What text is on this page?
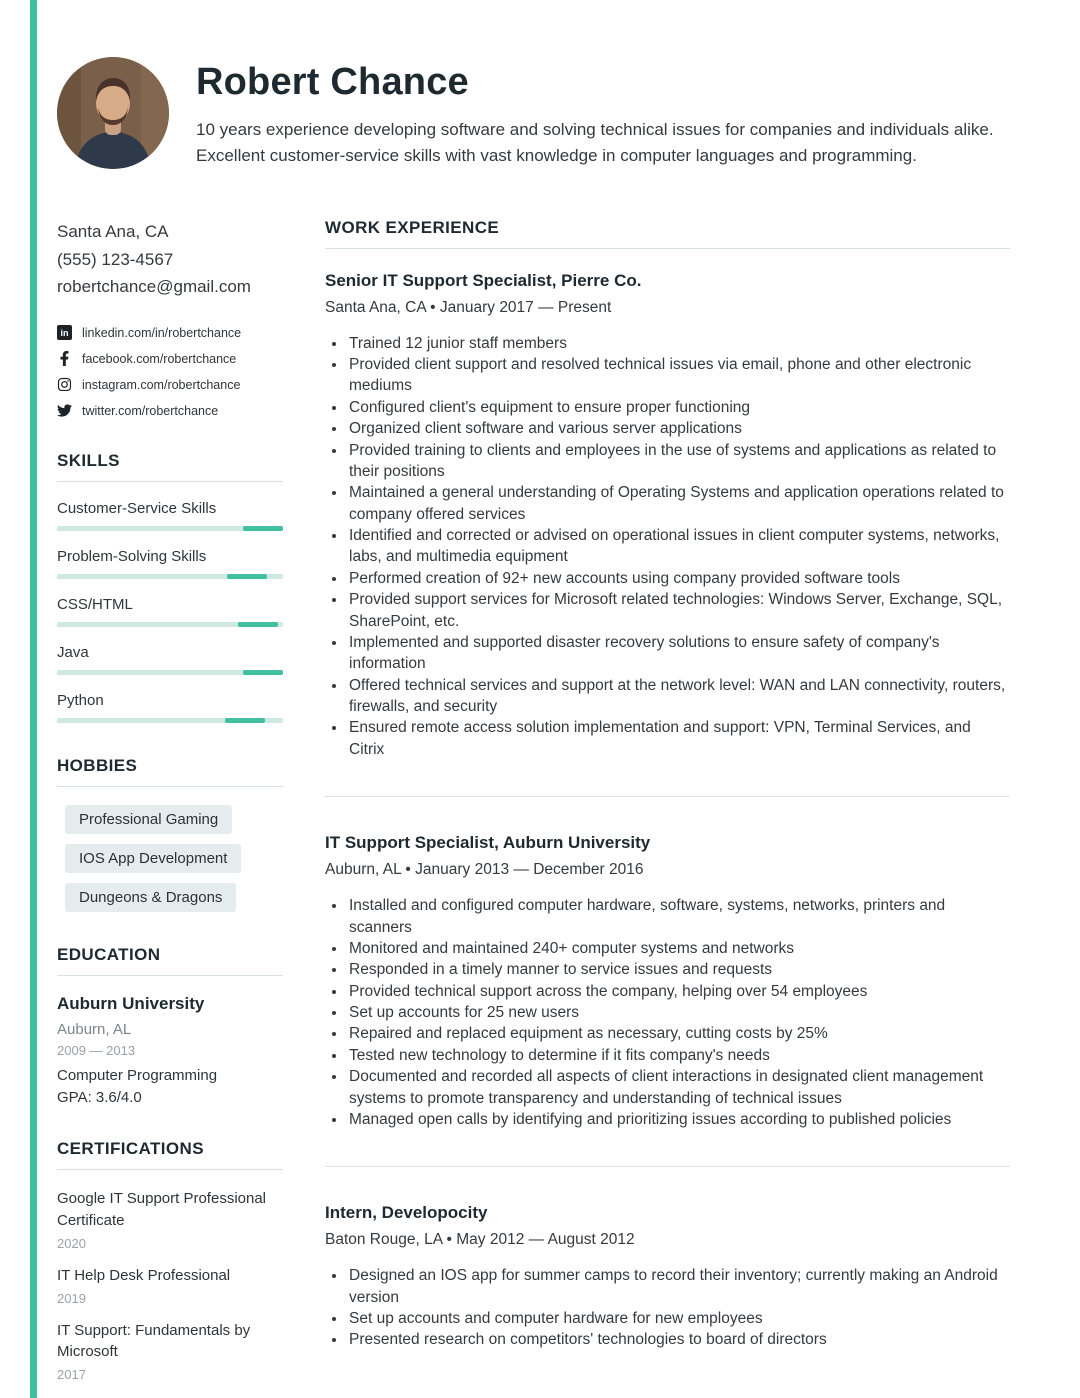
Robert Chance
10 years experience developing software and solving technical issues for companies and individuals alike. Excellent customer-service skills with vast knowledge in computer languages and programming.
Santa Ana, CA
(555) 123-4567
robertchance@gmail.com
in linkedin.com/in/robertchance
facebook.com/robertchance
instagram.com/robertchance
twitter.com/robertchance
SKILLS
Customer-Service Skills
Problem-Solving Skills
CSS/HTML
Java
Python
HOBBIES
Professional Gaming
IOS App Development
Dungeons & Dragons
EDUCATION
Auburn University
Auburn, AL
2009 — 2013
Computer Programming
GPA: 3.6/4.0
CERTIFICATIONS
Google IT Support Professional Certificate
2020
IT Help Desk Professional
2019
IT Support: Fundamentals by Microsoft
2017
WORK EXPERIENCE
Senior IT Support Specialist, Pierre Co.
Santa Ana, CA • January 2017 — Present
• Trained 12 junior staff members
• Provided client support and resolved technical issues via email, phone and other electronic mediums
• Configured client's equipment to ensure proper functioning
• Organized client software and various server applications
• Provided training to clients and employees in the use of systems and applications as related to their positions
• Maintained a general understanding of Operating Systems and application operations related to company offered services
• Identified and corrected or advised on operational issues in client computer systems, networks, labs, and multimedia equipment
• Performed creation of 92+ new accounts using company provided software tools
• Provided support services for Microsoft related technologies: Windows Server, Exchange, SQL, SharePoint, etc.
• Implemented and supported disaster recovery solutions to ensure safety of company's information
• Offered technical services and support at the network level: WAN and LAN connectivity, routers, firewalls, and security
• Ensured remote access solution implementation and support: VPN, Terminal Services, and Citrix
IT Support Specialist, Auburn University
Auburn, AL • January 2013 — December 2016
• Installed and configured computer hardware, software, systems, networks, printers and scanners
• Monitored and maintained 240+ computer systems and networks
• Responded in a timely manner to service issues and requests
• Provided technical support across the company, helping over 54 employees
• Set up accounts for 25 new users
• Repaired and replaced equipment as necessary, cutting costs by 25%
• Tested new technology to determine if it fits company's needs
• Documented and recorded all aspects of client interactions in designated client management systems to promote transparency and understanding of technical issues
• Managed open calls by identifying and prioritizing issues according to published policies
Intern, Developocity
Baton Rouge, LA • May 2012 — August 2012
• Designed an IOS app for summer camps to record their inventory; currently making an Android version
• Set up accounts and computer hardware for new employees
• Presented research on competitors' technologies to board of directors
